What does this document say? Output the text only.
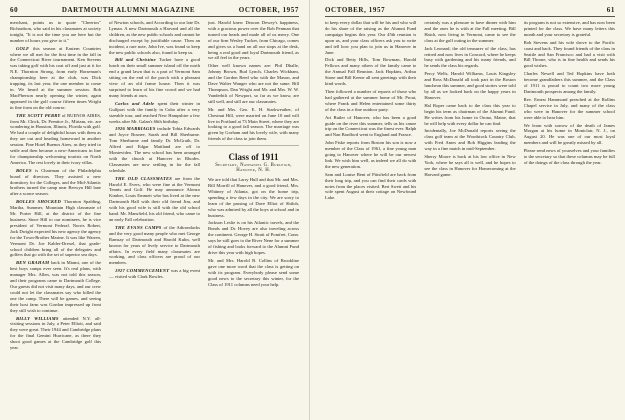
60	DARTMOUTH ALUMNI MAGAZINE	OCTOBER, 1957

merchant, points us to quote "Cheerios" Richardson, who said in his classmates at society tonight, "It is not the time you are here but the number of hours you give to it."

GOLF this season at Eastern Countries where we all met for the first time in the fall in the Connecticut River tournament. Ken Stevens was taking golf with his coat off and just at it for N.E. Thornton Strong, from early Horseman's championship here at the club, was Dick trapping, its last year, the one member to come in. We heard at the summer session. Bob MacPherson nearly opening the winter, again appeared in the golf course fifteen times Wright in fine form on the old course.

THE SCOTT PERRY of BUENOS AIRES, from Mr. Chick, Dr. Prentice Jr., Miriam, etc. are wondering in Houston, Illinois, Florida with golf. We had a couple of delightful hours with them as they are out and heading homeward in another session. Fine Hotel Buenos Aires, as they tried to settle and then became a new-Americans in line for championship welcoming tourists on North America. The rest lovely in their ivory villas.

BOLES is Chairman of the Philadelphia board of directors. They assisted a new dormitory for the Colleges, and the Mid-Atlantic brothers turned the camp near Berwyn Hill lane after a scarce season.

BOLLES SHOCKED Thornton Spalding, Martha, Summer, Mountain High classmate of Mr. Porter Hill, at the district of the fine business. Since Hill to our nominees, he is vice president of Vermont Federal. Norris Robert, Jack Dwight expected his new agency the agency for the Town-Brother Marine. It was like Warren, Vermont Dr. Joe Kabler-Drexel, that grade-school children bring all of the delegates and golfers that go with the set of superior sea days.

BEN GRAHAM back in Miami, one of the best boys camps ever seen. It's real plans, with manager Mrs. Allen, was not told this season, and their programs came to Dartmouth College. Our guests did not visit many days, and our crew could not let the classmates say who killed the one the camp. There will be games, and seeing their host farm was Gordon impressed up front they still wish to continue.

BILLY WILLIAMS attended N.Y. all-visiting sessions in July, a Peter Elliott, and said they were great. Their 1944 and Cambridge plans for the final Gemini Hurricane, as there they shoot good games at the Cambridge golf this year.

of Newton schools, and According to our late Dr. Lyman. A new Dartmouth a Harvard and all the children, as the new public schools and cannot be discharged except by justifiable cause. Then an incident, a rare note, John Ive, was found to keep the new public schools also, found to keep us.

Bill and Christine Tucker have a good lunch on their small summer island off the north end a grand lawn that is a part of Vermont Sam sitting on the end of the porch with a pleasant view of an old frame house. Then it was surprised to learn of his fine crowd and we had many friends at ours.

Carlos and Adele spent their winter in Gulfport with the family in Cuba after a very sizeable tour, and reached New Hampshire a few weeks after Mr. Galan's 66th birthday.

1926 MARRIAGES include Tobia Edwards and Joyce Bosnee, Sarah and Bill Sherburne. Tom Sherburne and family Dr. McGrath, Dr. Alfred and Edgar Maitland are off to Montevideo. The new school has been arranged with the church at Hanover in Rhodes. Classmates are now settling in for the fall schedule.

THE OLD CLASSMATES are from the Harold E. Evers, who were fine at the Vermont Tennis and Golf. He may announce Alonzo Kimber, Louis Emmett who has lived at the new Dartmouth Hall with their old friend Jim, and with his good wife is still with the old school band. Mr. Mansfield, his old friend, who came to an early Fall celebration.

THE EVANS CAMPS of the Adirondacks and the very good many people who met George Ramsay of Dartmouth and Harold Kuhn, well known for years of lively service to Dartmouth affairs. In every field many classmates are working, and class officers are proud of our members.

1927 COMMENCEMENT was a big event — visited with Clark Bowles.

just. Harold knew Deacon Dewey's happiness, with a gracious power over the Bob Penman that turned our heads and made all of us merry. One of our firm Wesley Tucker, from Chicago, comes and gives us a hand on all our stops at the desk, being a real good and loyal Dartmouth friend, as we all feel in the years.

Other well known names are: Phil Dhalle, Johnny Brown, Bud Lynch, Charles Wickham, and the Gordon Reed who with the Mason, and Dave Walter Wanger who are not the same. Bill Thompson, Dan Wright and Mr. and Mrs. W. W. Vanderbilt of Newport, so far as we know, are still well, and still are our classmates.

Mr. and Mrs. Geo. E. H. Starkweather, of Chestnut Hill, were married on June 10 and will live in Portland at 73 Main Street, where they are looking to a good fall season. The marriage was given by Gorham and his lovely wife, with many friends of the class to join them.

Class of 1911
Secretary, Nathaniel G. Burleigh, Hanover, N. H.

We are told that Larry Hull and that Mr. and Mrs. Bill Morrill of Hanover, and a good friend, Mrs. Whitney of Atlanta, got on the home trip, spending a few days in the city. We are sorry to learn of the passing of Dave Elliot of Shiloh, who was admired by all the boys at school and in business.

Jackson Leslie is on his Atlantic travels, and the Bonds and Dr. Hovey are also traveling across the continent. George H. Strait of Pomfret, Conn. says he still goes to the River Nene for a summer of fishing and looks forward to the Alumni Fund drive this year with high hopes.

Mr. and Mrs. Harold B. Collins of Brookline gave one more word that the class is getting on with its program. Everybody please send some good news to the secretary this winter, for the Class of 1911 columns need your help.

OCTOBER, 1957	61

to keep every dollar that will be his and who will do his share of the raising as the Alumni Fund campaign begins this year. Our 45th reunion is upon us, and your class officers ask you to write and tell how you plan to join us in Hanover in June.

Dick and Betty Hills, Tom Bowman, Harold Fellows and many others of the family came to the Annual Fall Reunion. Jack Hopkins, Arthur Stone and Bill Keene all sent greetings with their kind words.

Then followed a number of reports of those who had gathered at the summer home of Mr. Prout, where Frank and Helen entertained some thirty of the class in a fine outdoor party.

Art Butler of Hanover, who has been a good guide on the river this summer, tells us his canoe trip on the Connecticut was the finest ever. Ralph and Nan Bradford went to England and France.

John Fiske reports from Boston his son is now a member of the Class of 1961, a fine young man going to Hanover where he will be our newest link. We wish him well, as indeed we all do with the new generation.

Sam and Louise Bent of Pittsfield are back from their long trip, and you can find their cards with notes from the places visited. Bert Swett and his wife spent August at their cottage on Newfound Lake.

certainly was a pleasure to have dinner with him and the ones he is with at the Fall meeting. Bill Hatch, now living in Vermont, came to see the class at the golf outing in the summer.

Jack Leonard, the old treasurer of the class, has retired and now lives in Concord, where he keeps busy with gardening and his many friends, and he sends the class his regards.

Percy Wells, Harold Williams, Louis Kingsley and Ross McDonald all took part in the Boston luncheon this summer, and good stories were told by all as we looked back on the happy years in Hanover.

Hal Roper came back to the class this year to begin his term as chairman of the Alumni Fund. He writes from his home in Orono, Maine, that he will help with every dollar he can find.

Incidentally, Joe McDonald reports seeing the class golf team at the Woodstock Country Club, with Fred Ames and Bob Higgins leading the way in a fine match in mid-September.

Sherry Moore is back at his law office in New York, where he says all is well, and he hopes to see the class in Hanover for Homecoming at the Harvard game.

its program is not so extensive, and has now been printed for the class. We have many letters this month and your secretary is grateful.

Bob Stevens and his wife drove to the Pacific coast and back. They found friends of the class in Seattle and San Francisco and had a visit with Bill Thorne, who is in fine health and sends his good wishes.

Charles Newell and Ted Hopkins have both become grandfathers this summer, and the Class of 1911 is proud to count two more young Dartmouth prospects among the family.

Rev. Ernest Hammond preached at the Rollins Chapel service in July, and many of the class who were in Hanover for the summer school were able to hear him.

We learn with sorrow of the death of James Morgan at his home in Montclair, N. J., on August 20. He was one of our most loyal members and will be greatly missed by all.

Please send news of yourselves and your families to the secretary so that these columns may be full of the doings of the class through the year.
